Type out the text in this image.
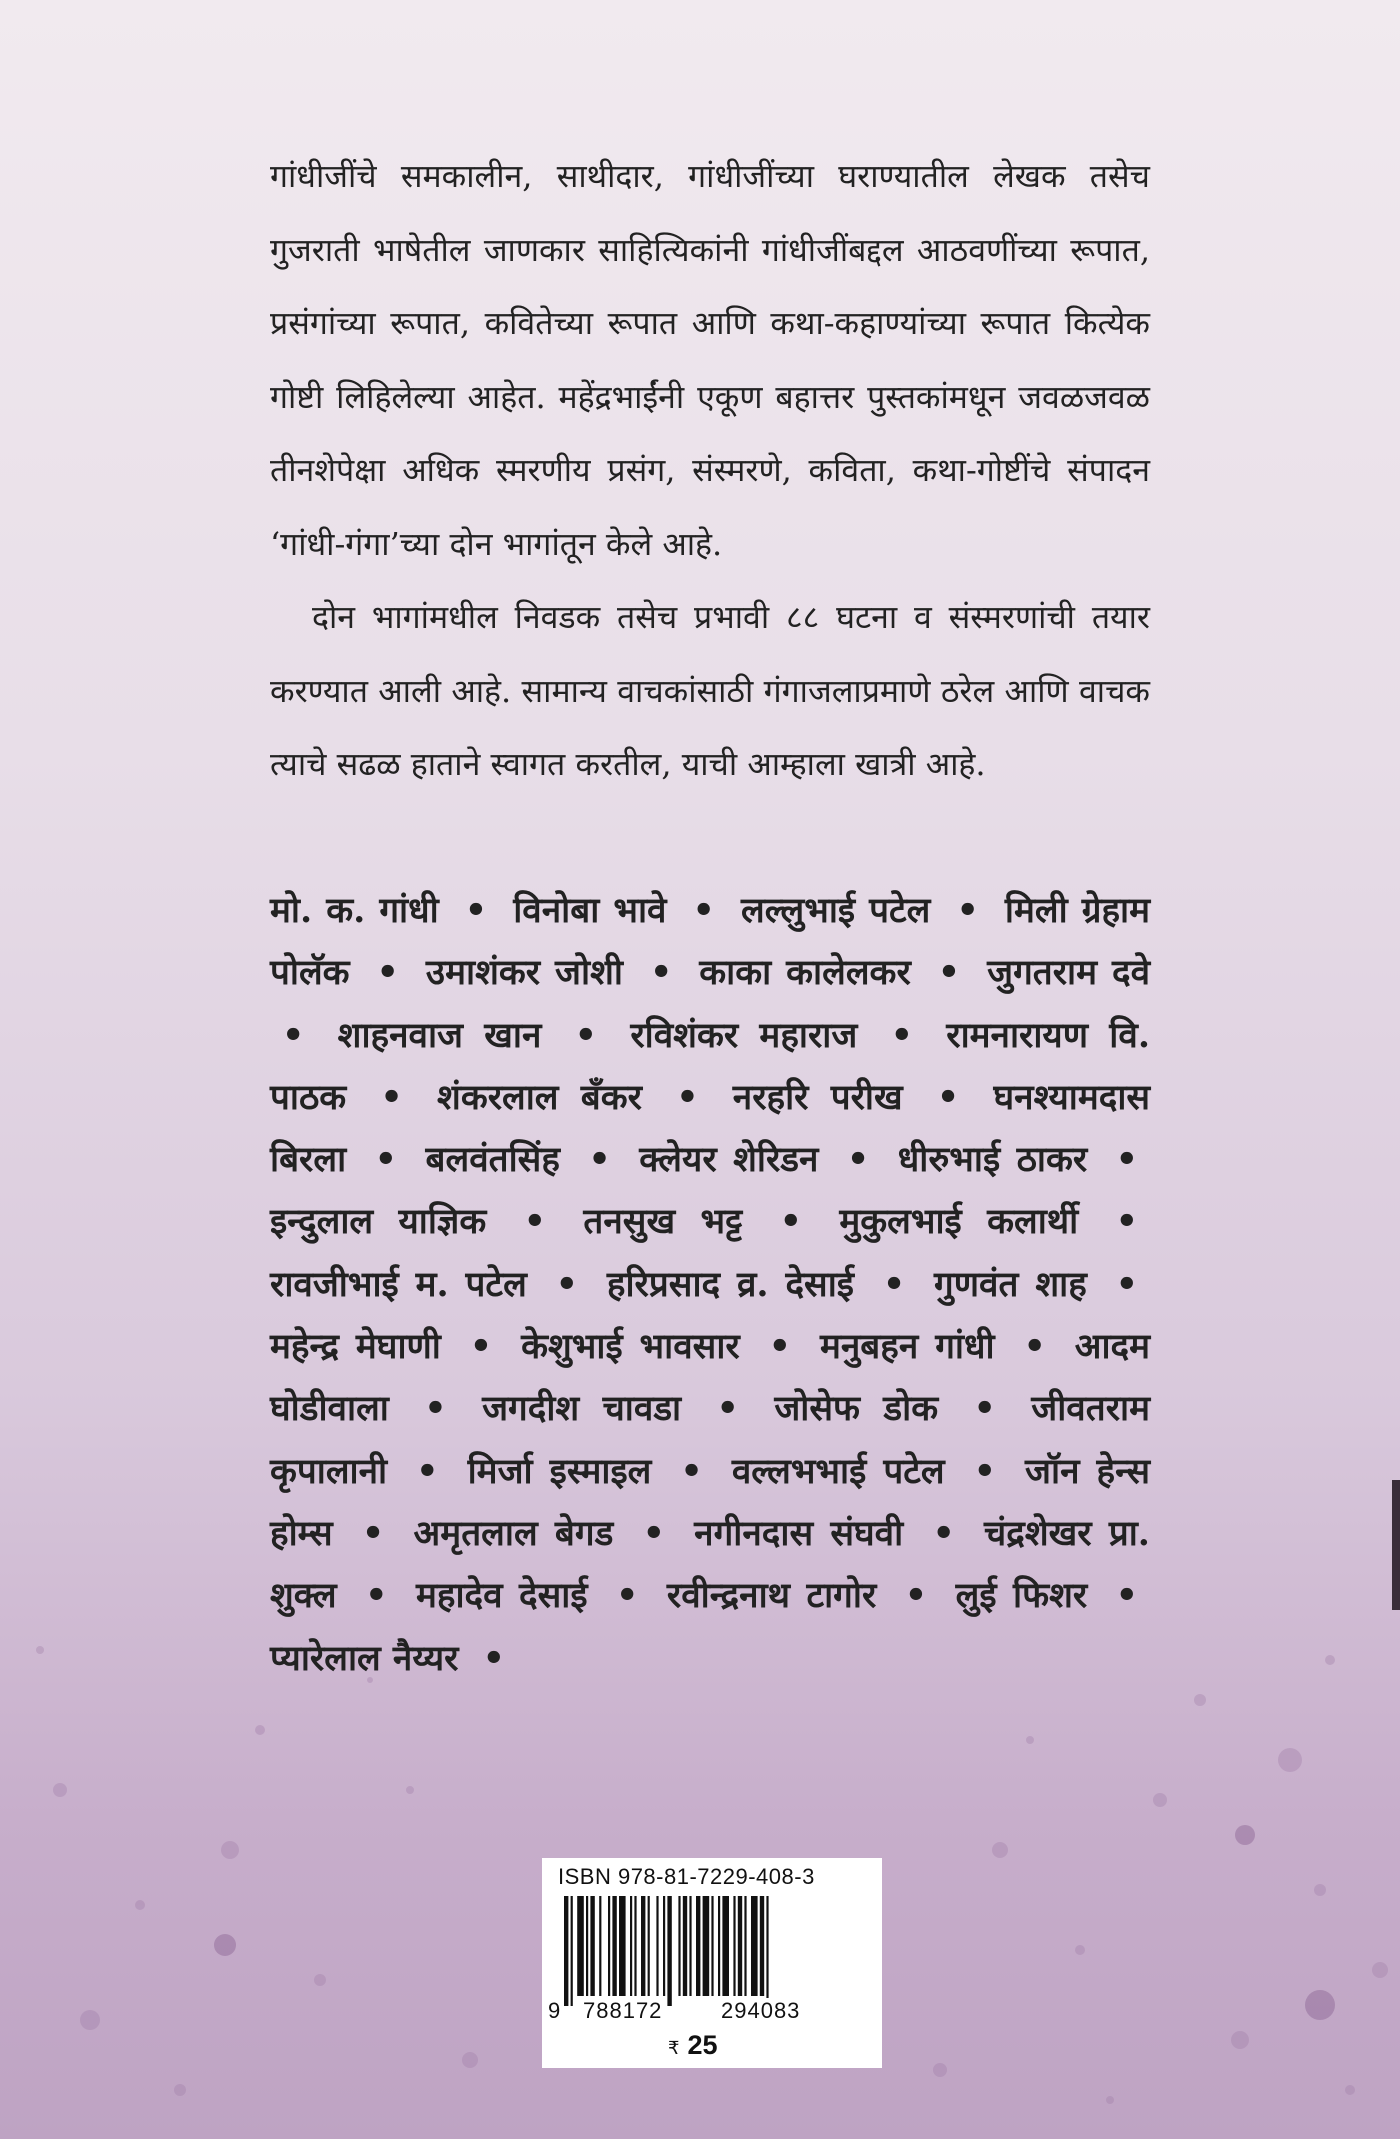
गांधीजींचे समकालीन, साथीदार, गांधीजींच्या घराण्यातील लेखक तसेच गुजराती भाषेतील जाणकार साहित्यिकांनी गांधीजींबद्दल आठवणींच्या रूपात, प्रसंगांच्या रूपात, कवितेच्या रूपात आणि कथा-कहाण्यांच्या रूपात कित्येक गोष्टी लिहिलेल्या आहेत. महेंद्रभाईंनी एकूण बहात्तर पुस्तकांमधून जवळजवळ तीनशेपेक्षा अधिक स्मरणीय प्रसंग, संस्मरणे, कविता, कथा-गोष्टींचे संपादन ‘गांधी-गंगा’च्या दोन भागांतून केले आहे.

दोन भागांमधील निवडक तसेच प्रभावी ८८ घटना व संस्मरणांची तयार करण्यात आली आहे. सामान्य वाचकांसाठी गंगाजलाप्रमाणे ठरेल आणि वाचक त्याचे सढळ हाताने स्वागत करतील, याची आम्हाला खात्री आहे.

मो. क. गांधी • विनोबा भावे • लल्लुभाई पटेल • मिली ग्रेहाम पोलॅक • उमाशंकर जोशी • काका कालेलकर • जुगतराम दवे • शाहनवाज खान • रविशंकर महाराज • रामनारायण वि. पाठक • शंकरलाल बँकर • नरहरि परीख • घनश्यामदास बिरला • बलवंतसिंह • क्लेयर शेरिडन • धीरुभाई ठाकर • इन्दुलाल याज्ञिक • तनसुख भट्ट • मुकुलभाई कलार्थी • रावजीभाई म. पटेल • हरिप्रसाद व्र. देसाई • गुणवंत शाह • महेन्द्र मेघाणी • केशुभाई भावसार • मनुबहन गांधी • आदम घोडीवाला • जगदीश चावडा • जोसेफ डोक • जीवतराम कृपालानी • मिर्जा इस्माइल • वल्लभभाई पटेल • जॉन हेन्स होम्स • अमृतलाल बेगड • नगीनदास संघवी • चंद्रशेखर प्रा. शुक्ल • महादेव देसाई • रवीन्द्रनाथ टागोर • लुई फिशर • प्यारेलाल नैय्यर •

ISBN 978-81-7229-408-3
9 788172	294083
₹ 25
